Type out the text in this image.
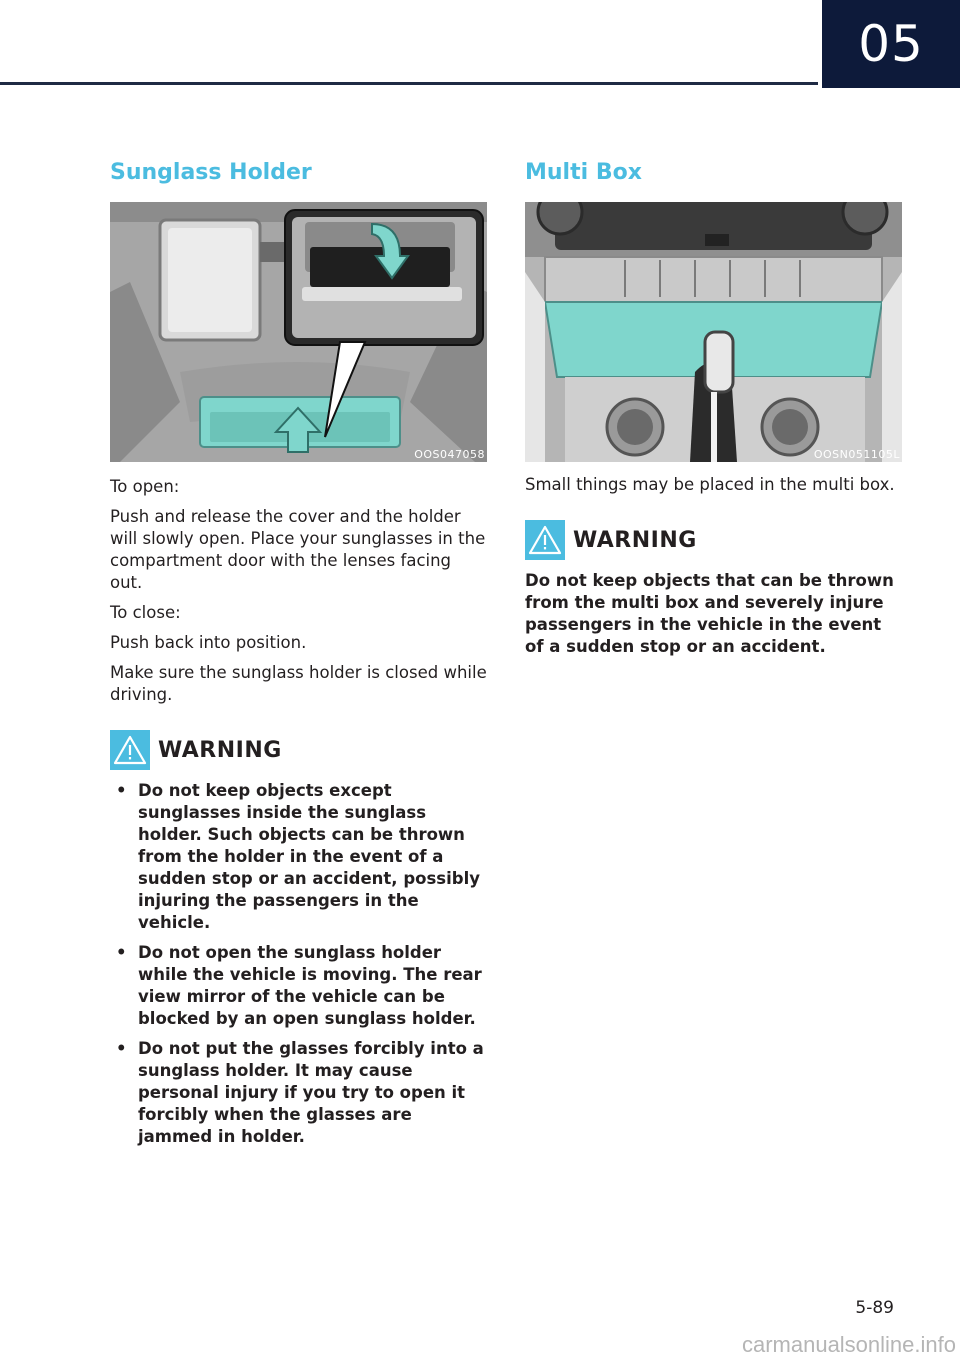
05
Sunglass Holder
OOS047058

To open:

Push and release the cover and the holder will slowly open. Place your sunglasses in the compartment door with the lenses facing out.

To close:

Push back into position.

Make sure the sunglass holder is closed while driving.

WARNING
• Do not keep objects except sunglasses inside the sunglass holder. Such objects can be thrown from the holder in the event of a sudden stop or an accident, possibly injuring the passengers in the vehicle.
• Do not open the sunglass holder while the vehicle is moving. The rear view mirror of the vehicle can be blocked by an open sunglass holder.
• Do not put the glasses forcibly into a sunglass holder. It may cause personal injury if you try to open it forcibly when the glasses are jammed in holder.
Multi Box
OOSN051105L

Small things may be placed in the multi box.

WARNING

Do not keep objects that can be thrown from the multi box and severely injure passengers in the vehicle in the event of a sudden stop or an accident.

5-89
carmanualsonline.info
